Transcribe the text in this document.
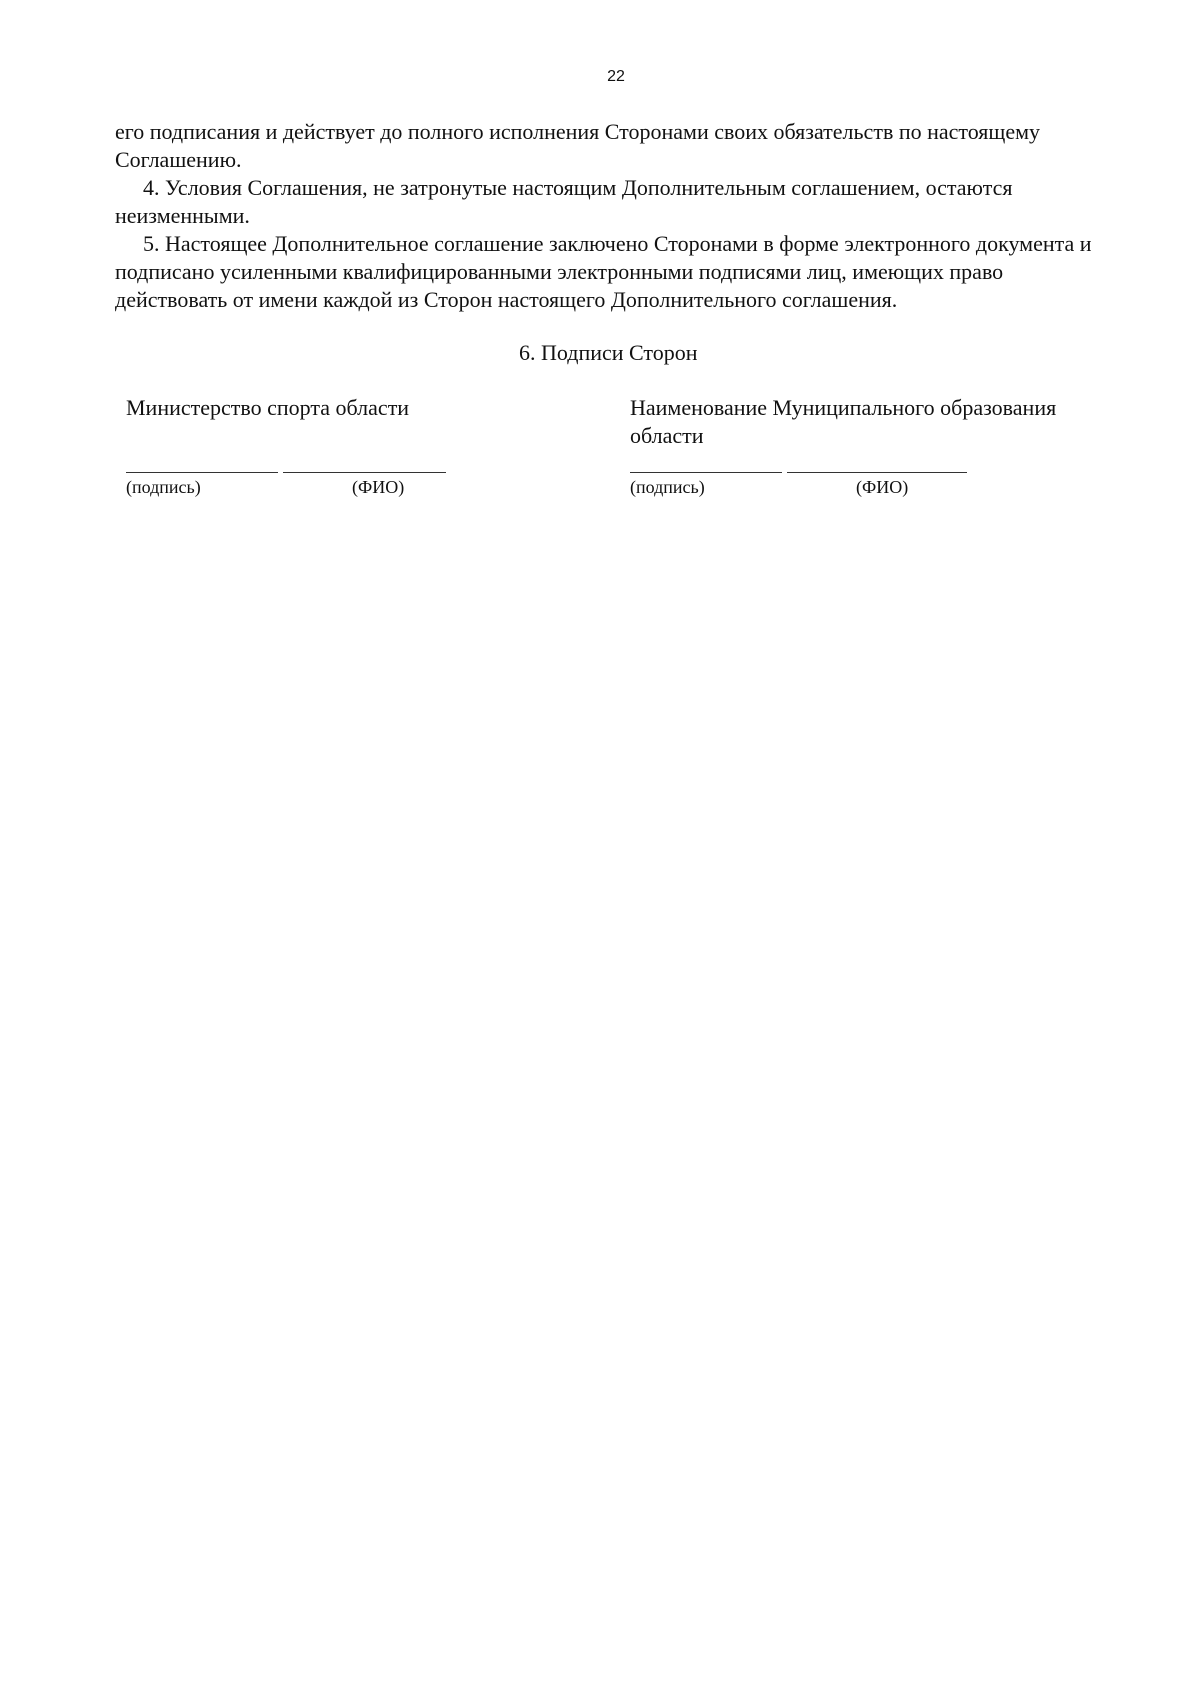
22

его подписания и действует до полного исполнения Сторонами своих обязательств по настоящему Соглашению.

4. Условия Соглашения, не затронутые настоящим Дополнительным соглашением, остаются неизменными.

5. Настоящее Дополнительное соглашение заключено Сторонами в форме электронного документа и подписано усиленными квалифицированными электронными подписями лиц, имеющих право действовать от имени каждой из Сторон настоящего Дополнительного соглашения.

6. Подписи Сторон

Министерство спорта области	Наименование Муниципального образования области

(подпись)	(ФИО)	(подпись)	(ФИО)
